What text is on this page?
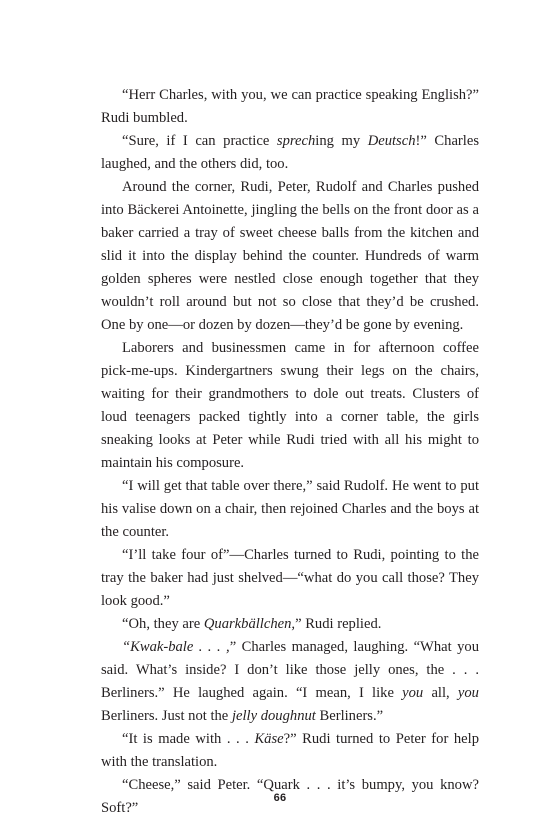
“Herr Charles, with you, we can practice speaking English?” Rudi bumbled.

“Sure, if I can practice spreching my Deutsch!” Charles laughed, and the others did, too.

Around the corner, Rudi, Peter, Rudolf and Charles pushed into Bäckerei Antoinette, jingling the bells on the front door as a baker carried a tray of sweet cheese balls from the kitchen and slid it into the display behind the counter. Hundreds of warm golden spheres were nestled close enough together that they wouldn’t roll around but not so close that they’d be crushed. One by one—or dozen by dozen—they’d be gone by evening.

Laborers and businessmen came in for afternoon coffee pick-me-ups. Kindergartners swung their legs on the chairs, waiting for their grandmothers to dole out treats. Clusters of loud teenagers packed tightly into a corner table, the girls sneaking looks at Peter while Rudi tried with all his might to maintain his composure.

“I will get that table over there,” said Rudolf. He went to put his valise down on a chair, then rejoined Charles and the boys at the counter.

“I’ll take four of”—Charles turned to Rudi, pointing to the tray the baker had just shelved—“what do you call those? They look good.”

“Oh, they are Quarkbällchen,” Rudi replied.

“Kwak-bale . . . ,” Charles managed, laughing. “What you said. What’s inside? I don’t like those jelly ones, the . . . Berliners.” He laughed again. “I mean, I like you all, you Berliners. Just not the jelly doughnut Berliners.”

“It is made with . . . Käse?” Rudi turned to Peter for help with the translation.

“Cheese,” said Peter. “Quark . . . it’s bumpy, you know? Soft?”

66
